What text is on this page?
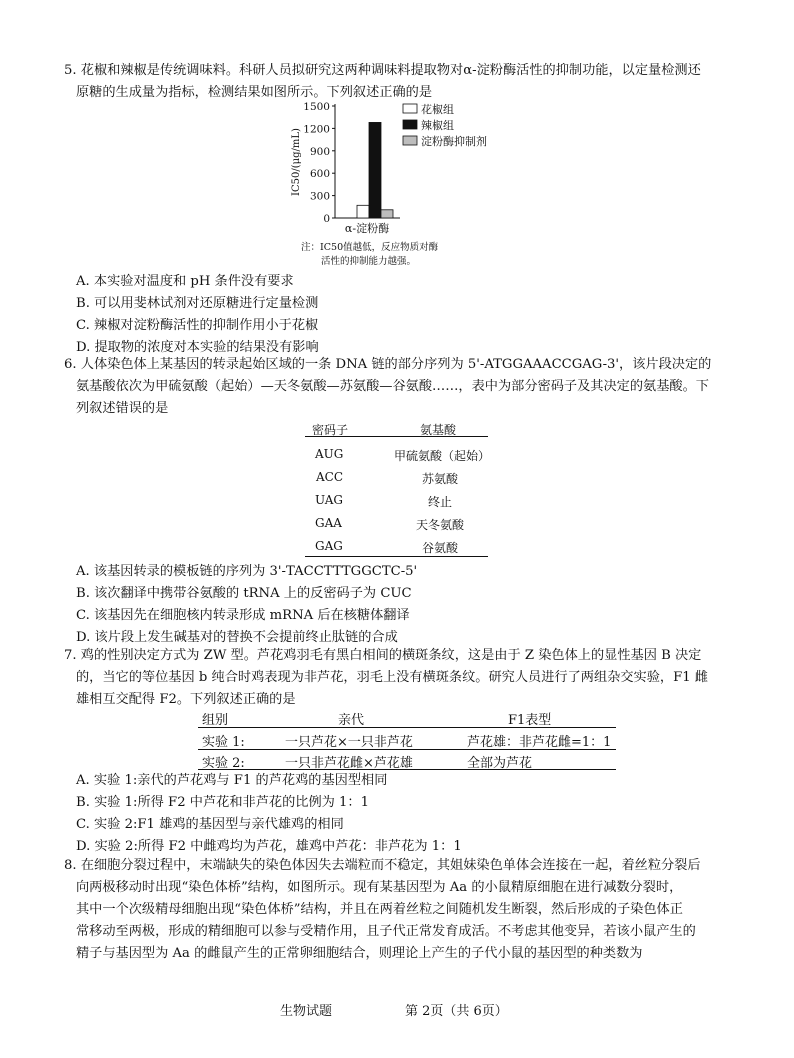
5. 花椒和辣椒是传统调味料。科研人员拟研究这两种调味料提取物对α-淀粉酶活性的抑制功能，以定量检测还
原糖的生成量为指标，检测结果如图所示。下列叙述正确的是
1500
1200
900
600
300
0
IC50/(μg/mL)
α-淀粉酶
花椒组
辣椒组
淀粉酶抑制剂
注：IC50值越低，反应物质对酶
活性的抑制能力越强。
A. 本实验对温度和 pH 条件没有要求
B. 可以用斐林试剂对还原糖进行定量检测
C. 辣椒对淀粉酶活性的抑制作用小于花椒
D. 提取物的浓度对本实验的结果没有影响
6. 人体染色体上某基因的转录起始区域的一条 DNA 链的部分序列为 5'-ATGGAAACCGAG-3'，该片段决定的
氨基酸依次为甲硫氨酸（起始）—天冬氨酸—苏氨酸—谷氨酸……，表中为部分密码子及其决定的氨基酸。下
列叙述错误的是
密码子	氨基酸
AUG	甲硫氨酸（起始）
ACC	苏氨酸
UAG	终止
GAA	天冬氨酸
GAG	谷氨酸
A. 该基因转录的模板链的序列为 3'-TACCTTTGGCTC-5'
B. 该次翻译中携带谷氨酸的 tRNA 上的反密码子为 CUC
C. 该基因先在细胞核内转录形成 mRNA 后在核糖体翻译
D. 该片段上发生碱基对的替换不会提前终止肽链的合成
7. 鸡的性别决定方式为 ZW 型。芦花鸡羽毛有黑白相间的横斑条纹，这是由于 Z 染色体上的显性基因 B 决定
的，当它的等位基因 b 纯合时鸡表现为非芦花，羽毛上没有横斑条纹。研究人员进行了两组杂交实验，F1 雌
雄相互交配得 F2。下列叙述正确的是
组别	亲代	F1表型
实验 1:	一只芦花×一只非芦花	芦花雄：非芦花雌=1：1
实验 2:	一只非芦花雌×芦花雄	全部为芦花
A. 实验 1:亲代的芦花鸡与 F1 的芦花鸡的基因型相同
B. 实验 1:所得 F2 中芦花和非芦花的比例为 1：1
C. 实验 2:F1 雄鸡的基因型与亲代雄鸡的相同
D. 实验 2:所得 F2 中雌鸡均为芦花，雄鸡中芦花：非芦花为 1：1
8. 在细胞分裂过程中，末端缺失的染色体因失去端粒而不稳定，其姐妹染色单体会连接在一起，着丝粒分裂后
向两极移动时出现“染色体桥”结构，如图所示。现有某基因型为 Aa 的小鼠精原细胞在进行减数分裂时，
其中一个次级精母细胞出现“染色体桥”结构，并且在两着丝粒之间随机发生断裂，然后形成的子染色体正
常移动至两极，形成的精细胞可以参与受精作用，且子代正常发育成活。不考虑其他变异，若该小鼠产生的
精子与基因型为 Aa 的雌鼠产生的正常卵细胞结合，则理论上产生的子代小鼠的基因型的种类数为
生物试题	第 2页（共 6页）
